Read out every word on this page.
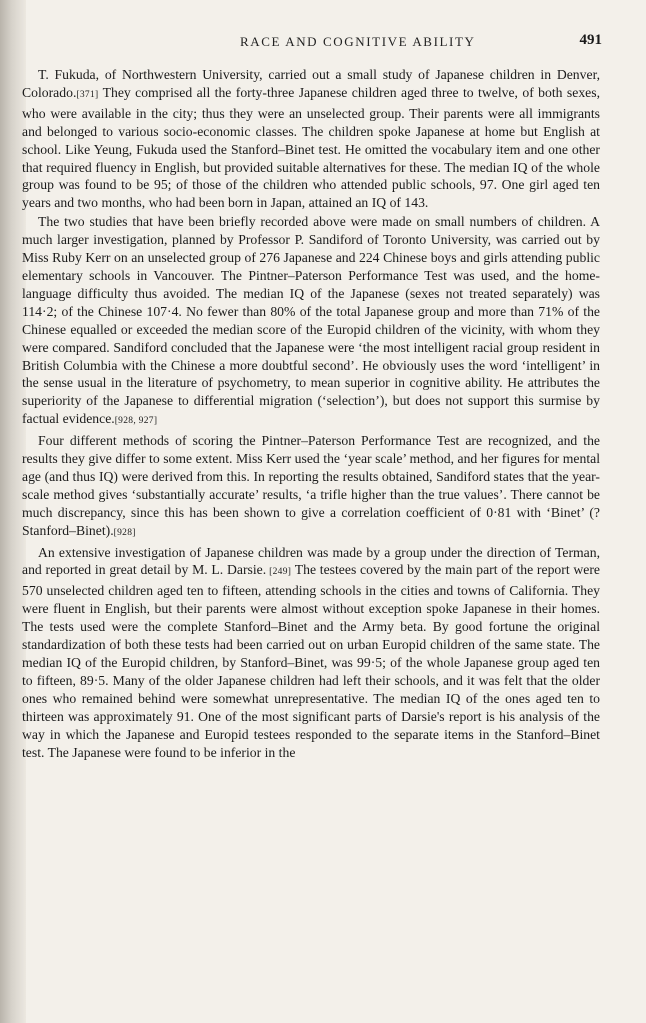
RACE AND COGNITIVE ABILITY	491

T. Fukuda, of Northwestern University, carried out a small study of Japanese children in Denver, Colorado.[371] They comprised all the forty-three Japanese children aged three to twelve, of both sexes, who were available in the city; thus they were an unselected group. Their parents were all immigrants and belonged to various socio-economic classes. The children spoke Japanese at home but English at school. Like Yeung, Fukuda used the Stanford–Binet test. He omitted the vocabulary item and one other that required fluency in English, but provided suitable alternatives for these. The median IQ of the whole group was found to be 95; of those of the children who attended public schools, 97. One girl aged ten years and two months, who had been born in Japan, attained an IQ of 143.

The two studies that have been briefly recorded above were made on small numbers of children. A much larger investigation, planned by Professor P. Sandiford of Toronto University, was carried out by Miss Ruby Kerr on an unselected group of 276 Japanese and 224 Chinese boys and girls attending public elementary schools in Vancouver. The Pintner–Paterson Performance Test was used, and the home-language difficulty thus avoided. The median IQ of the Japanese (sexes not treated separately) was 114·2; of the Chinese 107·4. No fewer than 80% of the total Japanese group and more than 71% of the Chinese equalled or exceeded the median score of the Europid children of the vicinity, with whom they were compared. Sandiford concluded that the Japanese were ‘the most intelligent racial group resident in British Columbia with the Chinese a more doubtful second’. He obviously uses the word ‘intelligent’ in the sense usual in the literature of psychometry, to mean superior in cognitive ability. He attributes the superiority of the Japanese to differential migration (‘selection’), but does not support this surmise by factual evidence.[928, 927]

Four different methods of scoring the Pintner–Paterson Performance Test are recognized, and the results they give differ to some extent. Miss Kerr used the ‘year scale’ method, and her figures for mental age (and thus IQ) were derived from this. In reporting the results obtained, Sandiford states that the year-scale method gives ‘substantially accurate’ results, ‘a trifle higher than the true values’. There cannot be much discrepancy, since this has been shown to give a correlation coefficient of 0·81 with ‘Binet’ (? Stanford–Binet).[928]

An extensive investigation of Japanese children was made by a group under the direction of Terman, and reported in great detail by M. L. Darsie. [249] The testees covered by the main part of the report were 570 unselected children aged ten to fifteen, attending schools in the cities and towns of California. They were fluent in English, but their parents were almost without exception spoke Japanese in their homes. The tests used were the complete Stanford–Binet and the Army beta. By good fortune the original standardization of both these tests had been carried out on urban Europid children of the same state. The median IQ of the Europid children, by Stanford–Binet, was 99·5; of the whole Japanese group aged ten to fifteen, 89·5. Many of the older Japanese children had left their schools, and it was felt that the older ones who remained behind were somewhat unrepresentative. The median IQ of the ones aged ten to thirteen was approximately 91. One of the most significant parts of Darsie's report is his analysis of the way in which the Japanese and Europid testees responded to the separate items in the Stanford–Binet test. The Japanese were found to be inferior in the
